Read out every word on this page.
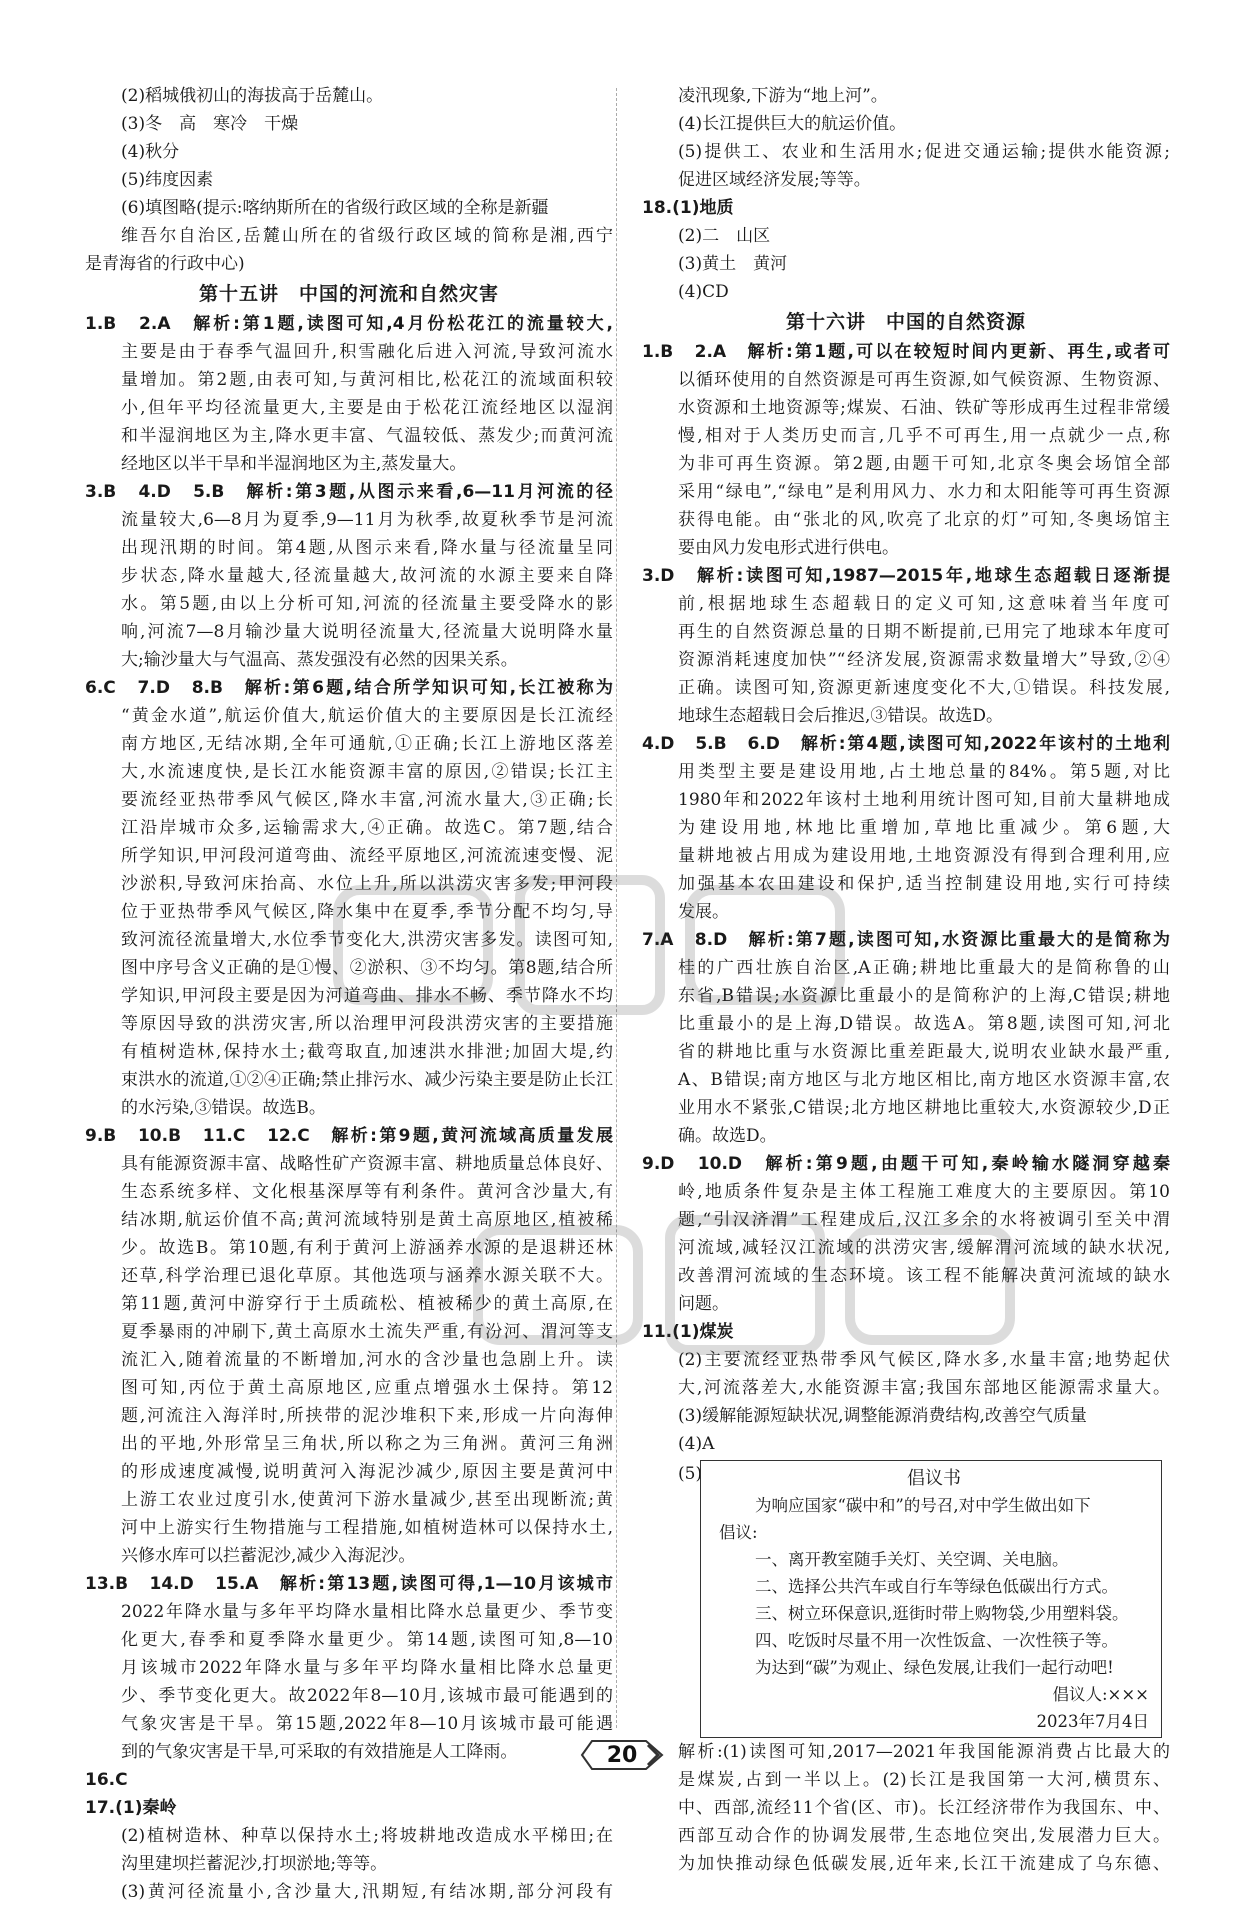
(2)稻城俄初山的海拔高于岳麓山。
(3)冬　高　寒冷　干燥
(4)秋分
(5)纬度因素
(6)填图略(提示:喀纳斯所在的省级行政区域的全称是新疆
维吾尔自治区,岳麓山所在的省级行政区域的简称是湘,西宁
是青海省的行政中心)
第十五讲　中国的河流和自然灾害
1.B　2.A　解析:第1题,读图可知,4月份松花江的流量较大,
主要是由于春季气温回升,积雪融化后进入河流,导致河流水
量增加。第2题,由表可知,与黄河相比,松花江的流域面积较
小,但年平均径流量更大,主要是由于松花江流经地区以湿润
和半湿润地区为主,降水更丰富、气温较低、蒸发少;而黄河流
经地区以半干旱和半湿润地区为主,蒸发量大。
3.B　4.D　5.B　解析:第3题,从图示来看,6—11月河流的径
流量较大,6—8月为夏季,9—11月为秋季,故夏秋季节是河流
出现汛期的时间。第4题,从图示来看,降水量与径流量呈同
步状态,降水量越大,径流量越大,故河流的水源主要来自降
水。第5题,由以上分析可知,河流的径流量主要受降水的影
响,河流7—8月输沙量大说明径流量大,径流量大说明降水量
大;输沙量大与气温高、蒸发强没有必然的因果关系。
6.C　7.D　8.B　解析:第6题,结合所学知识可知,长江被称为
“黄金水道”,航运价值大,航运价值大的主要原因是长江流经
南方地区,无结冰期,全年可通航,①正确;长江上游地区落差
大,水流速度快,是长江水能资源丰富的原因,②错误;长江主
要流经亚热带季风气候区,降水丰富,河流水量大,③正确;长
江沿岸城市众多,运输需求大,④正确。故选C。第7题,结合
所学知识,甲河段河道弯曲、流经平原地区,河流流速变慢、泥
沙淤积,导致河床抬高、水位上升,所以洪涝灾害多发;甲河段
位于亚热带季风气候区,降水集中在夏季,季节分配不均匀,导
致河流径流量增大,水位季节变化大,洪涝灾害多发。读图可知,
图中序号含义正确的是①慢、②淤积、③不均匀。第8题,结合所
学知识,甲河段主要是因为河道弯曲、排水不畅、季节降水不均
等原因导致的洪涝灾害,所以治理甲河段洪涝灾害的主要措施
有植树造林,保持水土;截弯取直,加速洪水排泄;加固大堤,约
束洪水的流道,①②④正确;禁止排污水、减少污染主要是防止长江
的水污染,③错误。故选B。
9.B　10.B　11.C　12.C　解析:第9题,黄河流域高质量发展
具有能源资源丰富、战略性矿产资源丰富、耕地质量总体良好、
生态系统多样、文化根基深厚等有利条件。黄河含沙量大,有
结冰期,航运价值不高;黄河流域特别是黄土高原地区,植被稀
少。故选B。第10题,有利于黄河上游涵养水源的是退耕还林
还草,科学治理已退化草原。其他选项与涵养水源关联不大。
第11题,黄河中游穿行于土质疏松、植被稀少的黄土高原,在
夏季暴雨的冲刷下,黄土高原水土流失严重,有汾河、渭河等支
流汇入,随着流量的不断增加,河水的含沙量也急剧上升。读
图可知,丙位于黄土高原地区,应重点增强水土保持。第12
题,河流注入海洋时,所挟带的泥沙堆积下来,形成一片向海伸
出的平地,外形常呈三角状,所以称之为三角洲。黄河三角洲
的形成速度减慢,说明黄河入海泥沙减少,原因主要是黄河中
上游工农业过度引水,使黄河下游水量减少,甚至出现断流;黄
河中上游实行生物措施与工程措施,如植树造林可以保持水土,
兴修水库可以拦蓄泥沙,减少入海泥沙。
13.B　14.D　15.A　解析:第13题,读图可得,1—10月该城市
2022年降水量与多年平均降水量相比降水总量更少、季节变
化更大,春季和夏季降水量更少。第14题,读图可知,8—10
月该城市2022年降水量与多年平均降水量相比降水总量更
少、季节变化更大。故2022年8—10月,该城市最可能遇到的
气象灾害是干旱。第15题,2022年8—10月该城市最可能遇
到的气象灾害是干旱,可采取的有效措施是人工降雨。
16.C
17.(1)秦岭
(2)植树造林、种草以保持水土;将坡耕地改造成水平梯田;在
沟里建坝拦蓄泥沙,打坝淤地;等等。
(3)黄河径流量小,含沙量大,汛期短,有结冰期,部分河段有
凌汛现象,下游为“地上河”。
(4)长江提供巨大的航运价值。
(5)提供工、农业和生活用水;促进交通运输;提供水能资源;
促进区域经济发展;等等。
18.(1)地质
(2)二　山区
(3)黄土　黄河
(4)CD
第十六讲　中国的自然资源
1.B　2.A　解析:第1题,可以在较短时间内更新、再生,或者可
以循环使用的自然资源是可再生资源,如气候资源、生物资源、
水资源和土地资源等;煤炭、石油、铁矿等形成再生过程非常缓
慢,相对于人类历史而言,几乎不可再生,用一点就少一点,称
为非可再生资源。第2题,由题干可知,北京冬奥会场馆全部
采用“绿电”,“绿电”是利用风力、水力和太阳能等可再生资源
获得电能。由“张北的风,吹亮了北京的灯”可知,冬奥场馆主
要由风力发电形式进行供电。
3.D　解析:读图可知,1987—2015年,地球生态超载日逐渐提
前,根据地球生态超载日的定义可知,这意味着当年度可
再生的自然资源总量的日期不断提前,已用完了地球本年度可
资源消耗速度加快”“经济发展,资源需求数量增大”导致,②④
正确。读图可知,资源更新速度变化不大,①错误。科技发展,
地球生态超载日会后推迟,③错误。故选D。
4.D　5.B　6.D　解析:第4题,读图可知,2022年该村的土地利
用类型主要是建设用地,占土地总量的84%。第5题,对比
1980年和2022年该村土地利用统计图可知,目前大量耕地成
为建设用地,林地比重增加,草地比重减少。第6题,大
量耕地被占用成为建设用地,土地资源没有得到合理利用,应
加强基本农田建设和保护,适当控制建设用地,实行可持续
发展。
7.A　8.D　解析:第7题,读图可知,水资源比重最大的是简称为
桂的广西壮族自治区,A正确;耕地比重最大的是简称鲁的山
东省,B错误;水资源比重最小的是简称沪的上海,C错误;耕地
比重最小的是上海,D错误。故选A。第8题,读图可知,河北
省的耕地比重与水资源比重差距最大,说明农业缺水最严重,
A、B错误;南方地区与北方地区相比,南方地区水资源丰富,农
业用水不紧张,C错误;北方地区耕地比重较大,水资源较少,D正
确。故选D。
9.D　10.D　解析:第9题,由题干可知,秦岭输水隧洞穿越秦
岭,地质条件复杂是主体工程施工难度大的主要原因。第10
题,“引汉济渭”工程建成后,汉江多余的水将被调引至关中渭
河流域,减轻汉江流域的洪涝灾害,缓解渭河流域的缺水状况,
改善渭河流域的生态环境。该工程不能解决黄河流域的缺水
问题。
11.(1)煤炭
(2)主要流经亚热带季风气候区,降水多,水量丰富;地势起伏
大,河流落差大,水能资源丰富;我国东部地区能源需求量大。
(3)缓解能源短缺状况,调整能源消费结构,改善空气质量
(4)A
(5)	倡议书
为响应国家“碳中和”的号召,对中学生做出如下
倡议:
一、离开教室随手关灯、关空调、关电脑。
二、选择公共汽车或自行车等绿色低碳出行方式。
三、树立环保意识,逛街时带上购物袋,少用塑料袋。
四、吃饭时尽量不用一次性饭盒、一次性筷子等。
为达到“碳”为观止、绿色发展,让我们一起行动吧!
倡议人:×××
2023年7月4日
解析:(1)读图可知,2017—2021年我国能源消费占比最大的
是煤炭,占到一半以上。(2)长江是我国第一大河,横贯东、
中、西部,流经11个省(区、市)。长江经济带作为我国东、中、
西部互动合作的协调发展带,生态地位突出,发展潜力巨大。
为加快推动绿色低碳发展,近年来,长江干流建成了乌东德、
20
